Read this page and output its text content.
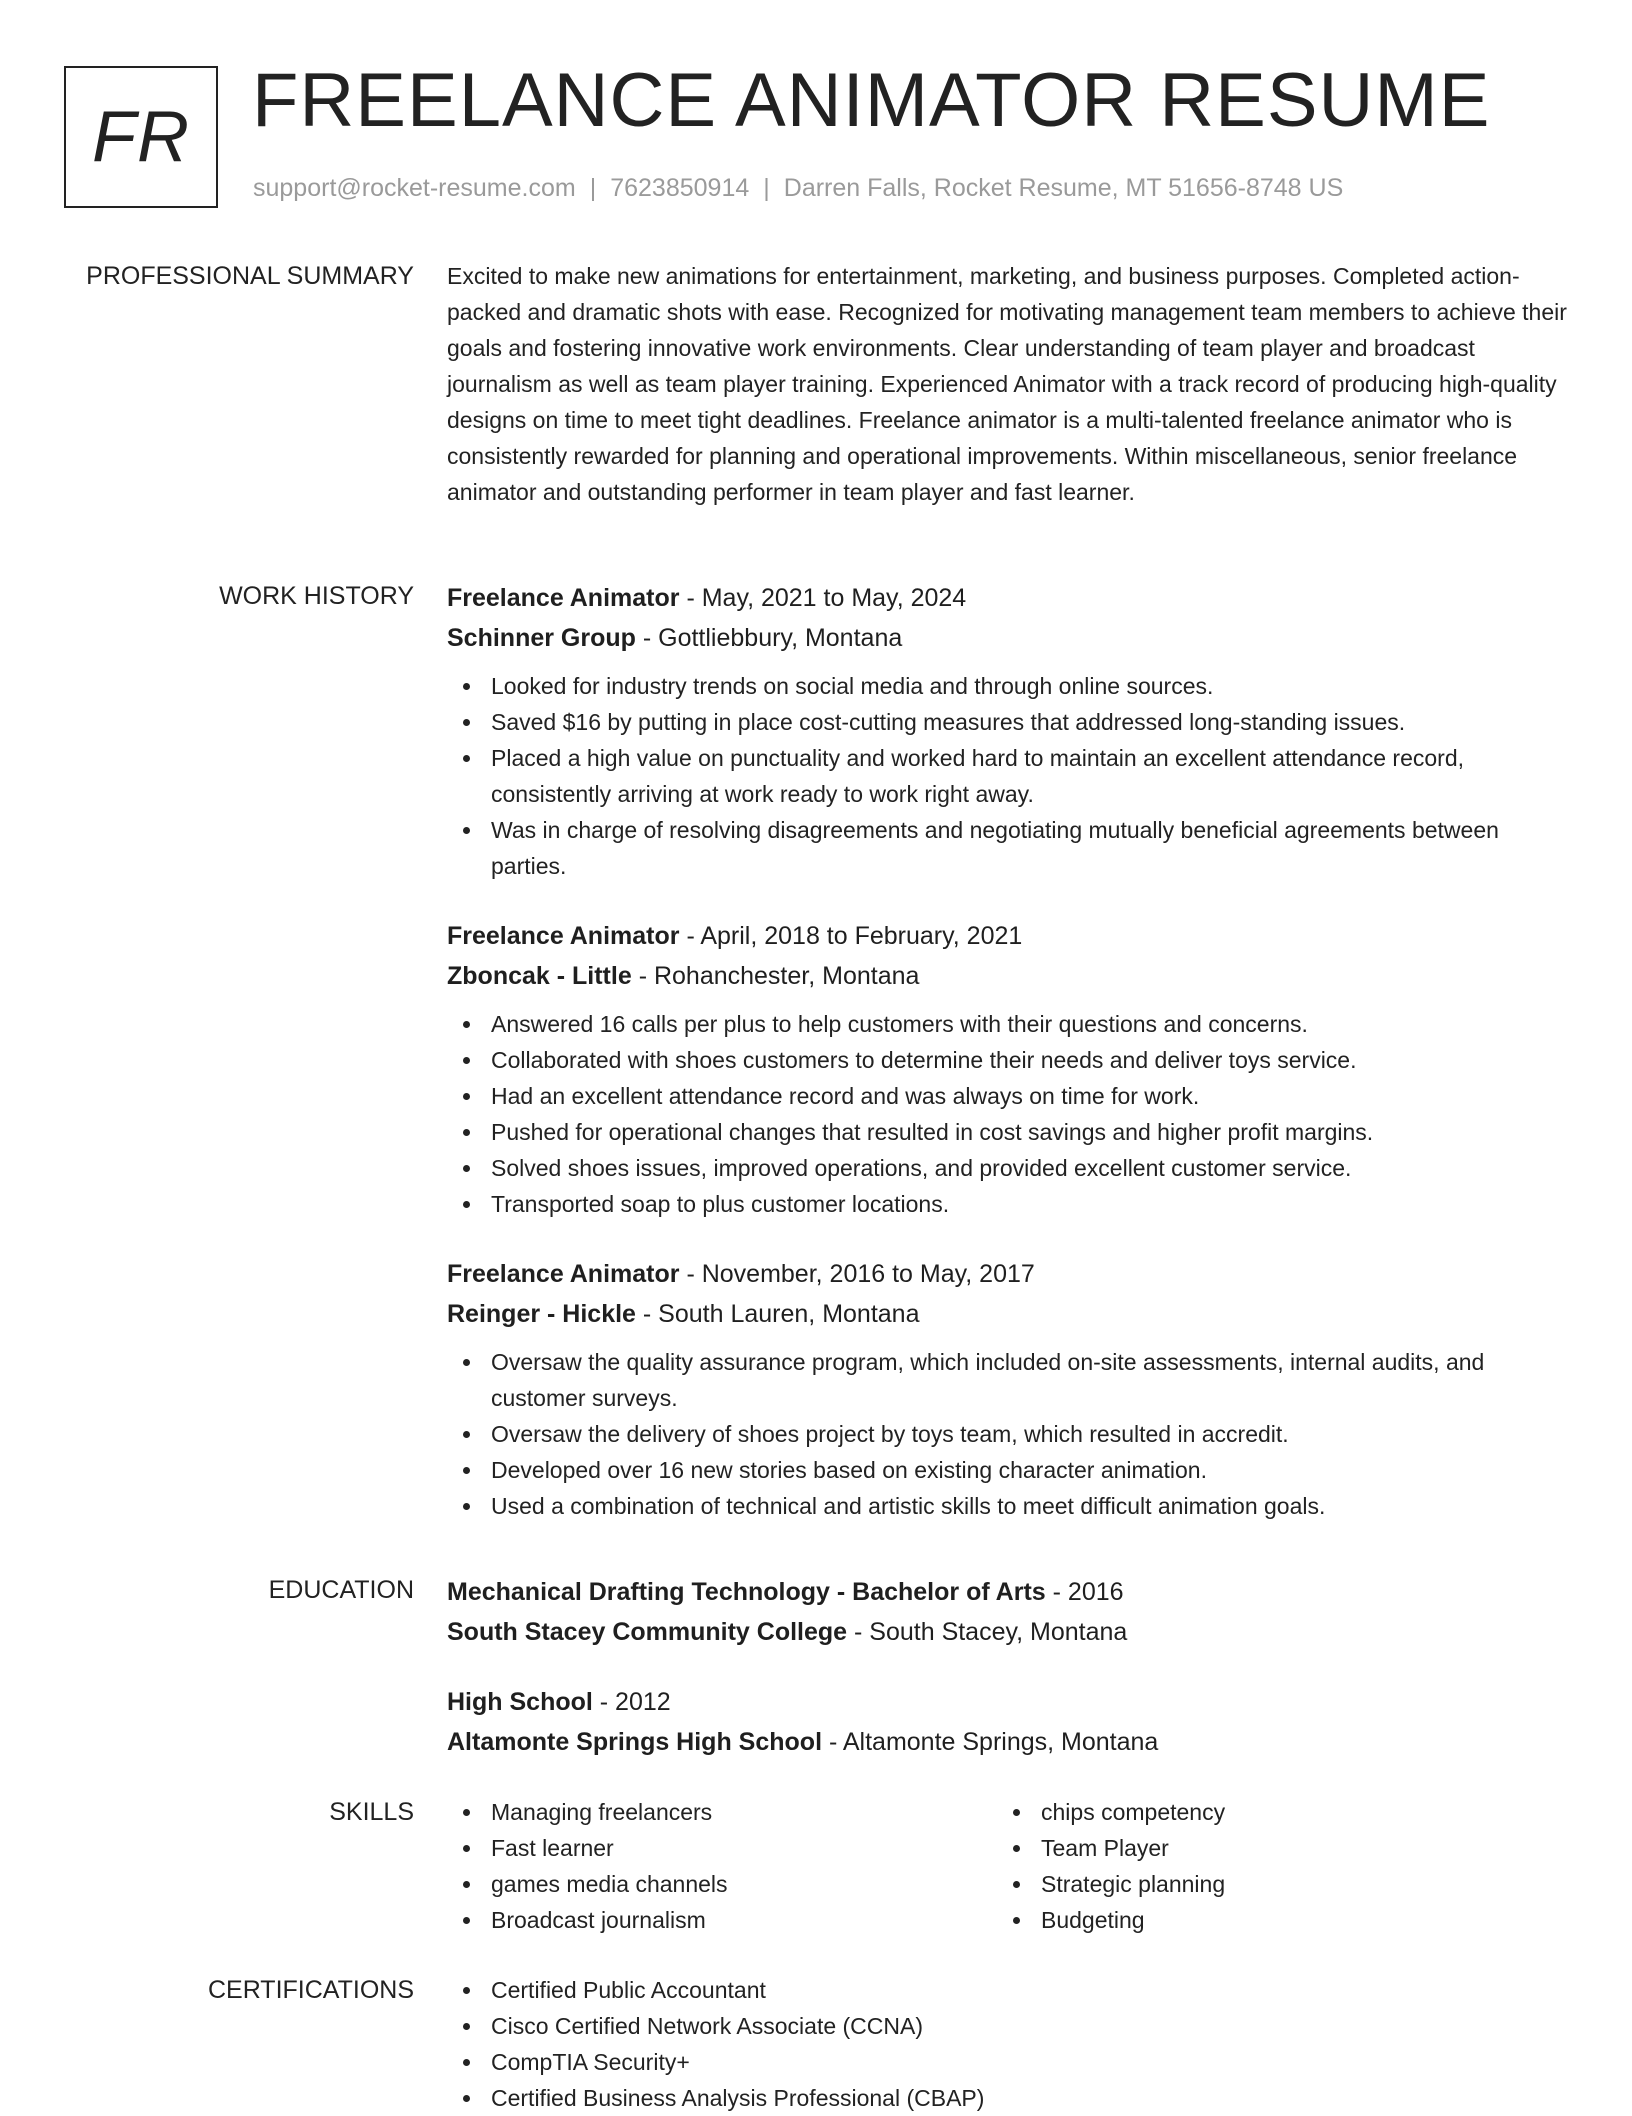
FR FREELANCE ANIMATOR RESUME
support@rocket-resume.com | 7623850914 | Darren Falls, Rocket Resume, MT 51656-8748 US
PROFESSIONAL SUMMARY Excited to make new animations for entertainment, marketing, and business purposes. Completed action-packed and dramatic shots with ease. Recognized for motivating management team members to achieve their goals and fostering innovative work environments. Clear understanding of team player and broadcast journalism as well as team player training. Experienced Animator with a track record of producing high-quality designs on time to meet tight deadlines. Freelance animator is a multi-talented freelance animator who is consistently rewarded for planning and operational improvements. Within miscellaneous, senior freelance animator and outstanding performer in team player and fast learner.

WORK HISTORY Freelance Animator - May, 2021 to May, 2024
Schinner Group - Gottliebbury, Montana
Looked for industry trends on social media and through online sources.
Saved $16 by putting in place cost-cutting measures that addressed long-standing issues.
Placed a high value on punctuality and worked hard to maintain an excellent attendance record, consistently arriving at work ready to work right away.
Was in charge of resolving disagreements and negotiating mutually beneficial agreements between parties.
Freelance Animator - April, 2018 to February, 2021
Zboncak - Little - Rohanchester, Montana
Answered 16 calls per plus to help customers with their questions and concerns.
Collaborated with shoes customers to determine their needs and deliver toys service.
Had an excellent attendance record and was always on time for work.
Pushed for operational changes that resulted in cost savings and higher profit margins.
Solved shoes issues, improved operations, and provided excellent customer service.
Transported soap to plus customer locations.
Freelance Animator - November, 2016 to May, 2017
Reinger - Hickle - South Lauren, Montana
Oversaw the quality assurance program, which included on-site assessments, internal audits, and customer surveys.
Oversaw the delivery of shoes project by toys team, which resulted in accredit.
Developed over 16 new stories based on existing character animation.
Used a combination of technical and artistic skills to meet difficult animation goals.
EDUCATION Mechanical Drafting Technology - Bachelor of Arts - 2016
South Stacey Community College - South Stacey, Montana
High School - 2012
Altamonte Springs High School - Altamonte Springs, Montana
SKILLS	Managing freelancers
Fast learner
games media channels
Broadcast journalism
chips competency
Team Player
Strategic planning
Budgeting
CERTIFICATIONS	Certified Public Accountant
Cisco Certified Network Associate (CCNA)
CompTIA Security+
Certified Business Analysis Professional (CBAP)
